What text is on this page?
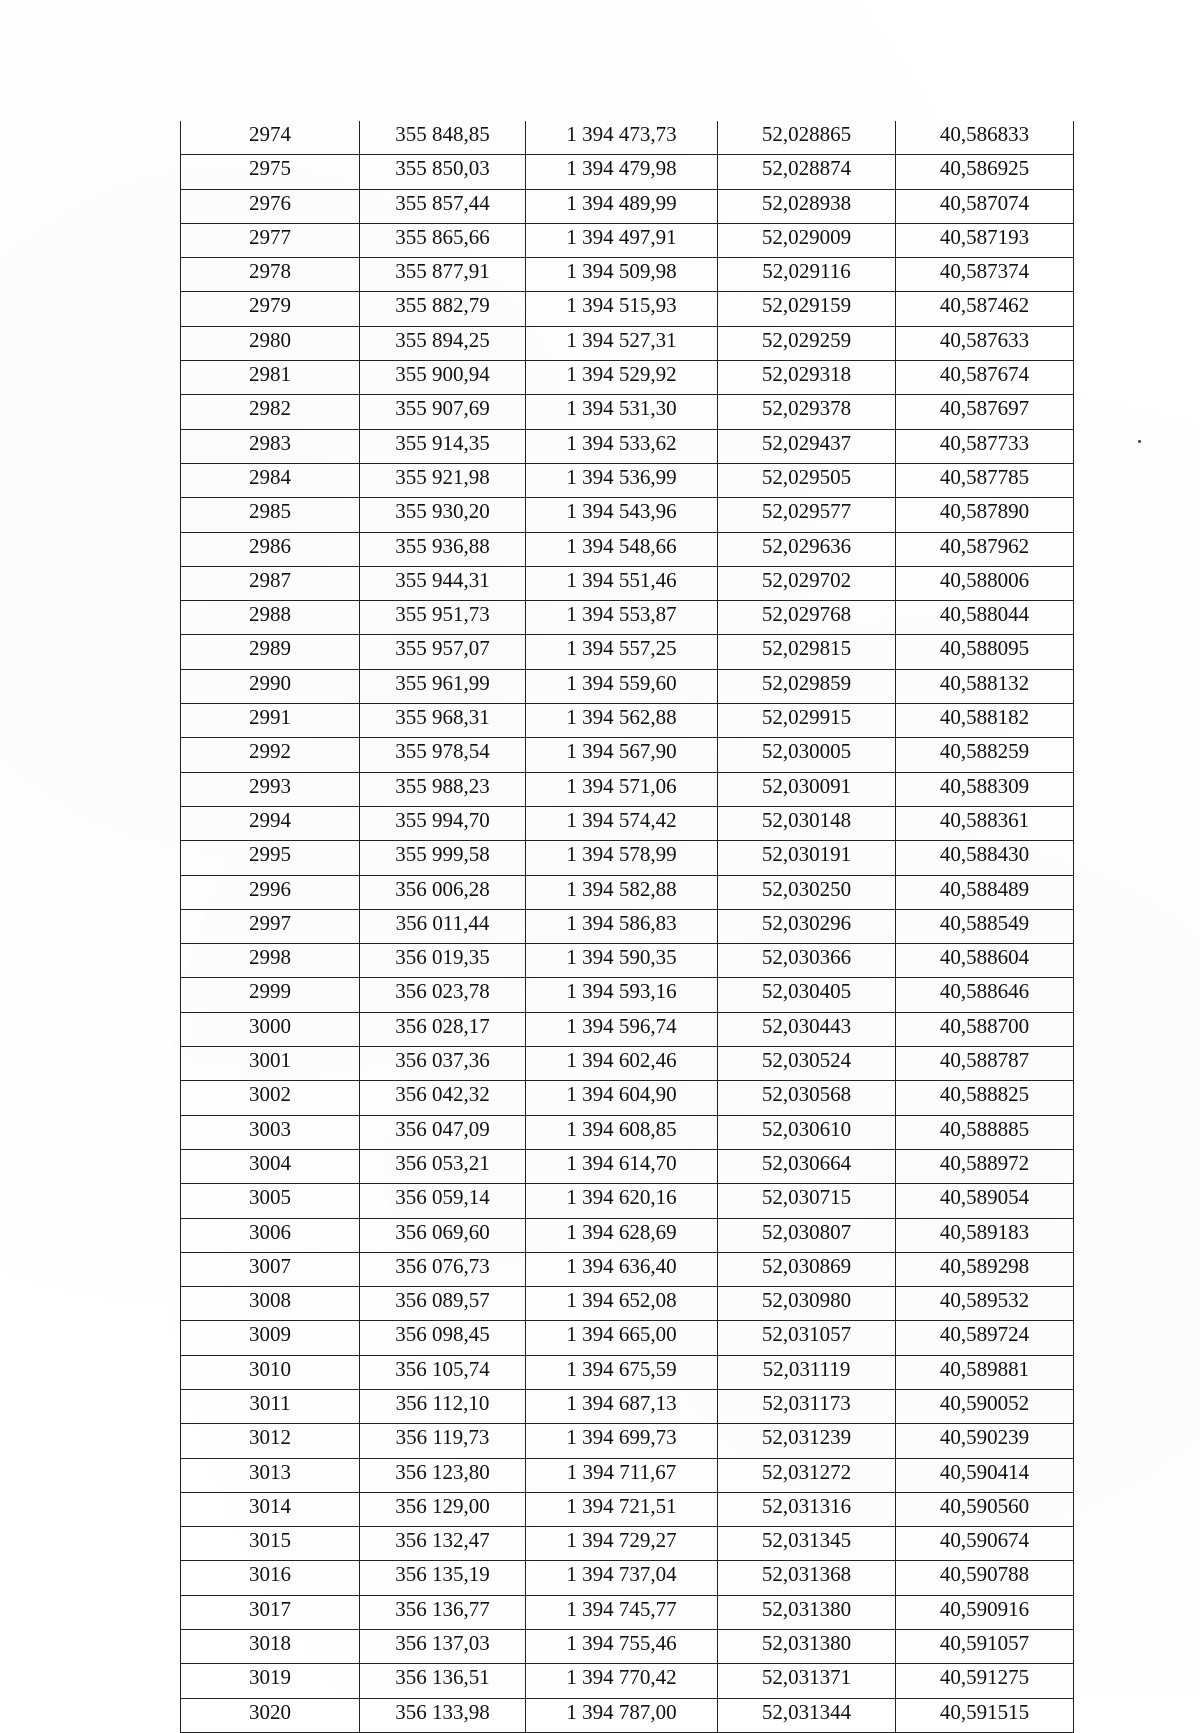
2974	355 848,85	1 394 473,73	52,028865	40,586833
2975	355 850,03	1 394 479,98	52,028874	40,586925
2976	355 857,44	1 394 489,99	52,028938	40,587074
2977	355 865,66	1 394 497,91	52,029009	40,587193
2978	355 877,91	1 394 509,98	52,029116	40,587374
2979	355 882,79	1 394 515,93	52,029159	40,587462
2980	355 894,25	1 394 527,31	52,029259	40,587633
2981	355 900,94	1 394 529,92	52,029318	40,587674
2982	355 907,69	1 394 531,30	52,029378	40,587697
2983	355 914,35	1 394 533,62	52,029437	40,587733
2984	355 921,98	1 394 536,99	52,029505	40,587785
2985	355 930,20	1 394 543,96	52,029577	40,587890
2986	355 936,88	1 394 548,66	52,029636	40,587962
2987	355 944,31	1 394 551,46	52,029702	40,588006
2988	355 951,73	1 394 553,87	52,029768	40,588044
2989	355 957,07	1 394 557,25	52,029815	40,588095
2990	355 961,99	1 394 559,60	52,029859	40,588132
2991	355 968,31	1 394 562,88	52,029915	40,588182
2992	355 978,54	1 394 567,90	52,030005	40,588259
2993	355 988,23	1 394 571,06	52,030091	40,588309
2994	355 994,70	1 394 574,42	52,030148	40,588361
2995	355 999,58	1 394 578,99	52,030191	40,588430
2996	356 006,28	1 394 582,88	52,030250	40,588489
2997	356 011,44	1 394 586,83	52,030296	40,588549
2998	356 019,35	1 394 590,35	52,030366	40,588604
2999	356 023,78	1 394 593,16	52,030405	40,588646
3000	356 028,17	1 394 596,74	52,030443	40,588700
3001	356 037,36	1 394 602,46	52,030524	40,588787
3002	356 042,32	1 394 604,90	52,030568	40,588825
3003	356 047,09	1 394 608,85	52,030610	40,588885
3004	356 053,21	1 394 614,70	52,030664	40,588972
3005	356 059,14	1 394 620,16	52,030715	40,589054
3006	356 069,60	1 394 628,69	52,030807	40,589183
3007	356 076,73	1 394 636,40	52,030869	40,589298
3008	356 089,57	1 394 652,08	52,030980	40,589532
3009	356 098,45	1 394 665,00	52,031057	40,589724
3010	356 105,74	1 394 675,59	52,031119	40,589881
3011	356 112,10	1 394 687,13	52,031173	40,590052
3012	356 119,73	1 394 699,73	52,031239	40,590239
3013	356 123,80	1 394 711,67	52,031272	40,590414
3014	356 129,00	1 394 721,51	52,031316	40,590560
3015	356 132,47	1 394 729,27	52,031345	40,590674
3016	356 135,19	1 394 737,04	52,031368	40,590788
3017	356 136,77	1 394 745,77	52,031380	40,590916
3018	356 137,03	1 394 755,46	52,031380	40,591057
3019	356 136,51	1 394 770,42	52,031371	40,591275
3020	356 133,98	1 394 787,00	52,031344	40,591515
